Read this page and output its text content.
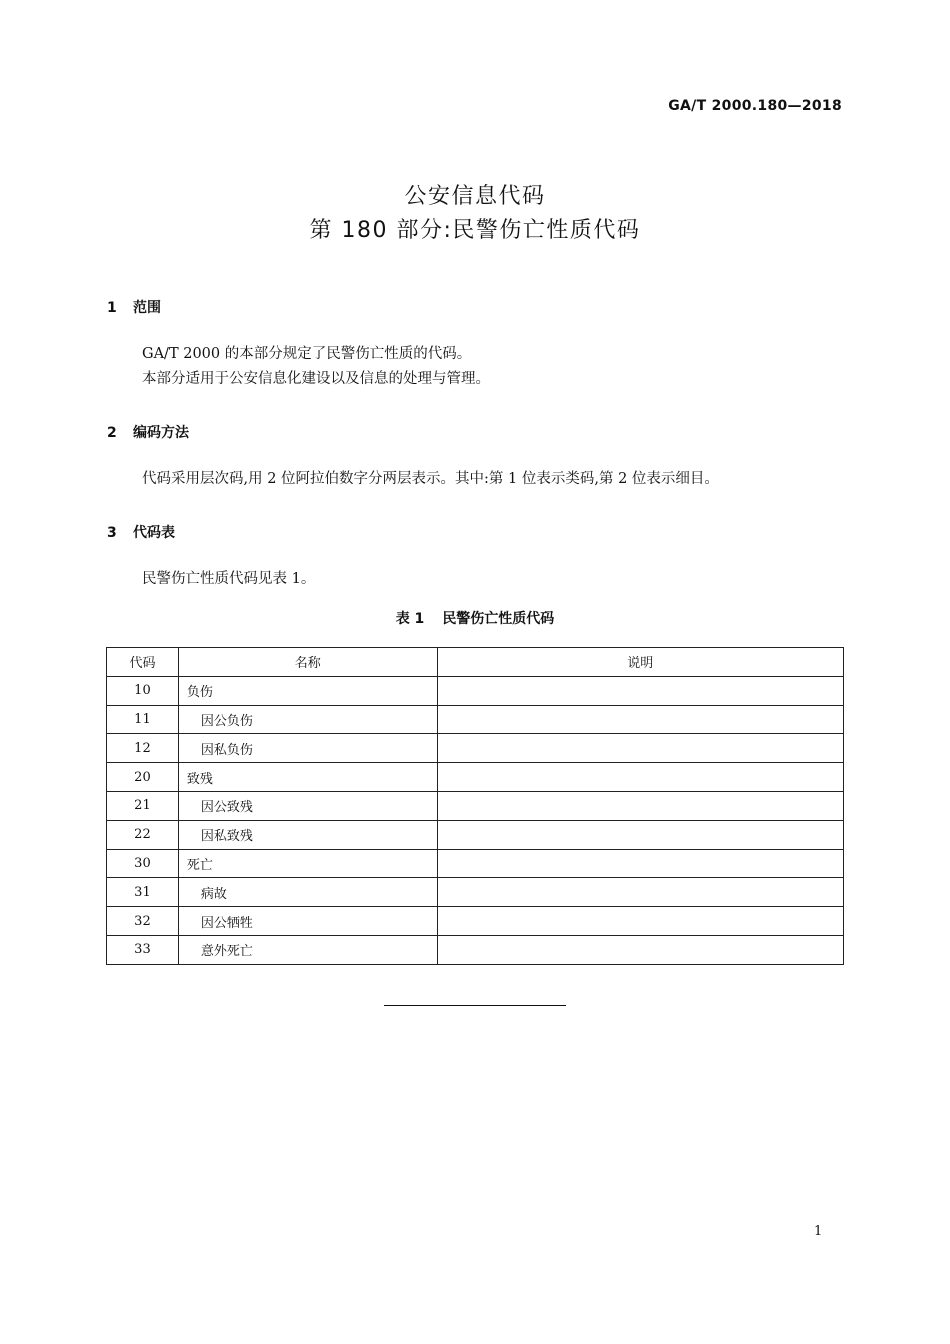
GA/T 2000.180—2018
公安信息代码
第 180 部分:民警伤亡性质代码
1 范围
GA/T 2000 的本部分规定了民警伤亡性质的代码。
本部分适用于公安信息化建设以及信息的处理与管理。
2 编码方法
代码采用层次码,用 2 位阿拉伯数字分两层表示。其中:第 1 位表示类码,第 2 位表示细目。
3 代码表
民警伤亡性质代码见表 1。
表 1 民警伤亡性质代码
代码	名称	说明
10	负伤	
11	因公负伤	
12	因私负伤	
20	致残	
21	因公致残	
22	因私致残	
30	死亡	
31	病故	
32	因公牺牲	
33	意外死亡	
1
